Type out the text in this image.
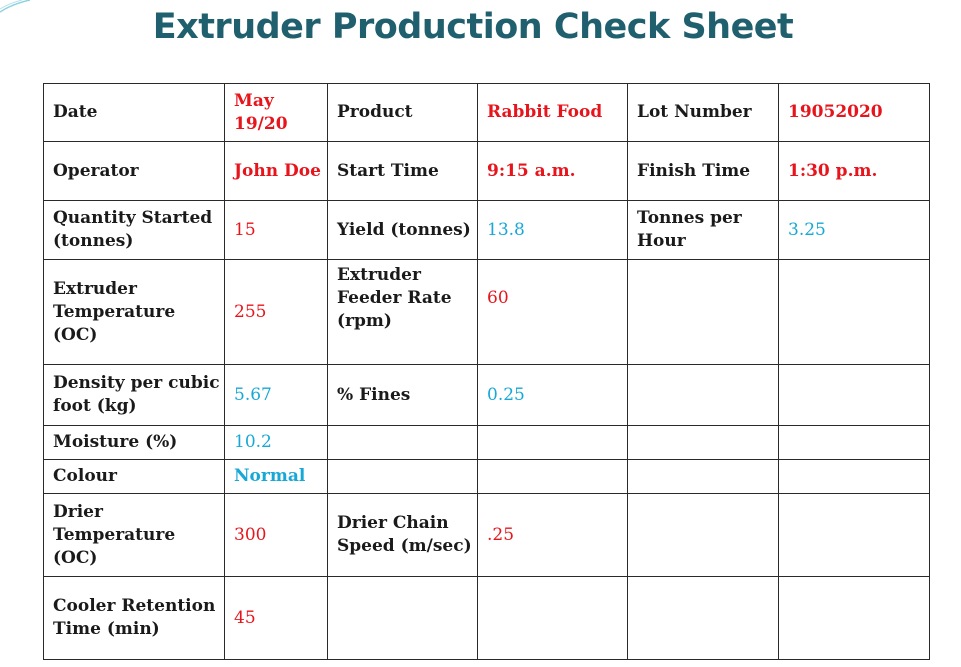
Extruder Production Check Sheet
Date	May 19/20	Product	Rabbit Food	Lot Number	19052020
Operator	John Doe	Start Time	9:15 a.m.	Finish Time	1:30 p.m.
Quantity Started (tonnes)	15	Yield (tonnes)	13.8	Tonnes per Hour	3.25
Extruder Temperature (OC)	255	Extruder Feeder Rate (rpm)	60		
Density per cubic foot (kg)	5.67	% Fines	0.25		
Moisture (%)	10.2				
Colour	Normal				
Drier Temperature (OC)	300	Drier Chain Speed (m/sec)	.25		
Cooler Retention Time (min)	45				
